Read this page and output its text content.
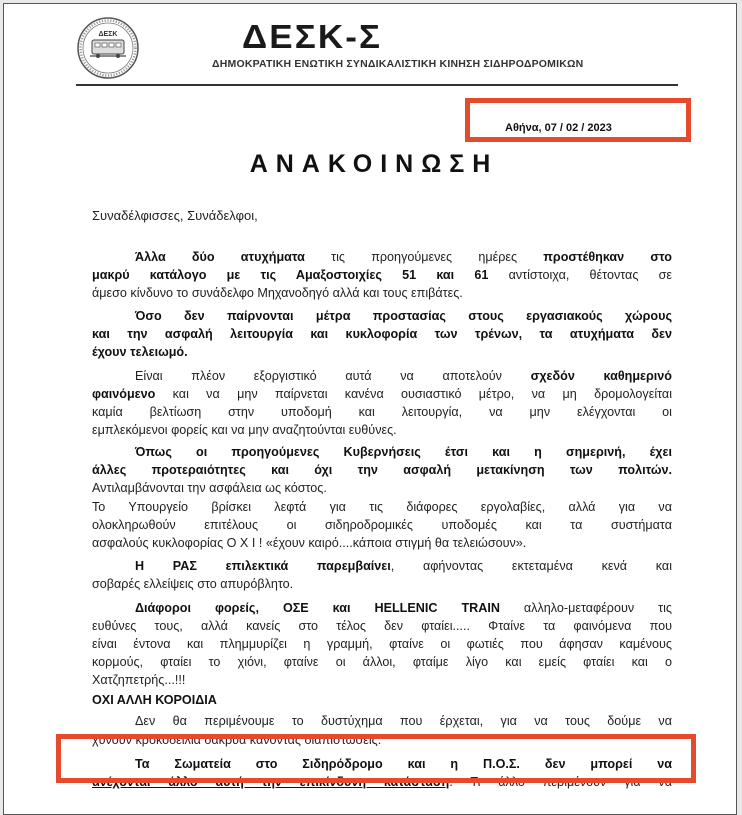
ΔΕΣΚ	ΔΕΣΚ-Σ
ΔΗΜΟΚΡΑΤΙΚΗ ΕΝΩΤΙΚΗ ΣΥΝΔΙΚΑΛΙΣΤΙΚΗ ΚΙΝΗΣΗ ΣΙΔΗΡΟΔΡΟΜΙΚΩΝ
Αθήνα, 07 / 02 / 2023
ΑΝΑΚΟΙΝΩΣΗ
Συναδέλφισσες, Συνάδελφοι,
Άλλα δύο ατυχήματα τις προηγούμενες ημέρες προστέθηκαν στο
μακρύ κατάλογο με τις Αμαξοστοιχίες 51 και 61 αντίστοιχα, θέτοντας σε
άμεσο κίνδυνο το συνάδελφο Μηχανοδηγό αλλά και τους επιβάτες.
Όσο δεν παίρνονται μέτρα προστασίας στους εργασιακούς χώρους
και την ασφαλή λειτουργία και κυκλοφορία των τρένων, τα ατυχήματα δεν
έχουν τελειωμό.
Είναι πλέον εξοργιστικό αυτά να αποτελούν σχεδόν καθημερινό
φαινόμενο και να μην παίρνεται κανένα ουσιαστικό μέτρο, να μη δρομολογείται
καμία βελτίωση στην υποδομή και λειτουργία, να μην ελέγχονται οι
εμπλεκόμενοι φορείς και να μην αναζητούνται ευθύνες.
Όπως οι προηγούμενες Κυβερνήσεις έτσι και η σημερινή, έχει
άλλες προτεραιότητες και όχι την ασφαλή μετακίνηση των πολιτών.
Αντιλαμβάνονται την ασφάλεια ως κόστος.
Το Υπουργείο βρίσκει λεφτά για τις διάφορες εργολαβίες, αλλά για να
ολοκληρωθούν επιτέλους οι σιδηροδρομικές υποδομές και τα συστήματα
ασφαλούς κυκλοφορίας Ο Χ Ι ! «έχουν καιρό....κάποια στιγμή θα τελειώσουν».
Η ΡΑΣ επιλεκτικά παρεμβαίνει, αφήνοντας εκτεταμένα κενά και
σοβαρές ελλείψεις στο απυρόβλητο.
Διάφοροι φορείς, ΟΣΕ και HELLENIC TRAIN αλληλο-μεταφέρουν τις
ευθύνες τους, αλλά κανείς στο τέλος δεν φταίει..... Φταίνε τα φαινόμενα που
είναι έντονα και πλημμυρίζει η γραμμή, φταίνε οι φωτιές που άφησαν καμένους
κορμούς, φταίει το χιόνι, φταίνε οι άλλοι, φταίμε λίγο και εμείς φταίει και ο
Χατζηπετρής...!!!
ΟΧΙ ΑΛΛΗ ΚΟΡΟΙΔΙΑ
Δεν θα περιμένουμε το δυστύχημα που έρχεται, για να τους δούμε να
χύνουν κροκοδείλια δάκρυα κάνοντας διαπιστώσεις.
Τα Σωματεία στο Σιδηρόδρομο και η Π.Ο.Σ. δεν μπορεί να
ανέχονται άλλο αυτή την επικίνδυνη κατάσταση. Τι άλλο περιμένουν για να
